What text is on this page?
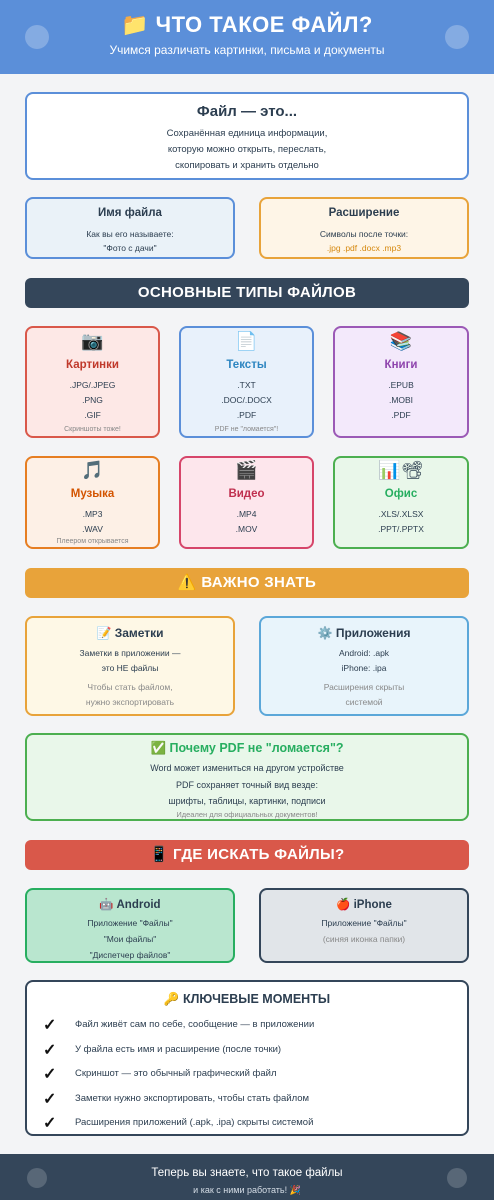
📁 ЧТО ТАКОЕ ФАЙЛ?
Учимся различать картинки, письма и документы
Файл — это...
Сохранённая единица информации,
которую можно открыть, переслать,
скопировать и хранить отдельно
Имя файла
Как вы его называете:
"Фото с дачи"
Расширение
Символы после точки:
.jpg .pdf .docx .mp3
ОСНОВНЫЕ ТИПЫ ФАЙЛОВ
📷
Картинки
.JPG/.JPEG
.PNG
.GIF
Скриншоты тоже!
📄
Тексты
.TXT
.DOC/.DOCX
.PDF
PDF не "ломается"!
📚
Книги
.EPUB
.MOBI
.PDF
🎵
Музыка
.MP3
.WAV
Плеером открывается
🎬
Видео
.MP4
.MOV
📊📽
Офис
.XLS/.XLSX
.PPT/.PPTX
⚠️ ВАЖНО ЗНАТЬ
📝 Заметки
Заметки в приложении —
это НЕ файлы
Чтобы стать файлом,
нужно экспортировать
⚙️ Приложения
Android: .apk
iPhone: .ipa
Расширения скрыты
системой
✅ Почему PDF не "ломается"?
Word может измениться на другом устройстве
PDF сохраняет точный вид везде:
шрифты, таблицы, картинки, подписи
Идеален для официальных документов!
📱 ГДЕ ИСКАТЬ ФАЙЛЫ?
🤖 Android
Приложение "Файлы"
"Мои файлы"
"Диспетчер файлов"
🍎 iPhone
Приложение "Файлы"
(синяя иконка папки)
🔑 КЛЮЧЕВЫЕ МОМЕНТЫ
✓ Файл живёт сам по себе, сообщение — в приложении
✓ У файла есть имя и расширение (после точки)
✓ Скриншот — это обычный графический файл
✓ Заметки нужно экспортировать, чтобы стать файлом
✓ Расширения приложений (.apk, .ipa) скрыты системой
Теперь вы знаете, что такое файлы
и как с ними работать! 🎉
